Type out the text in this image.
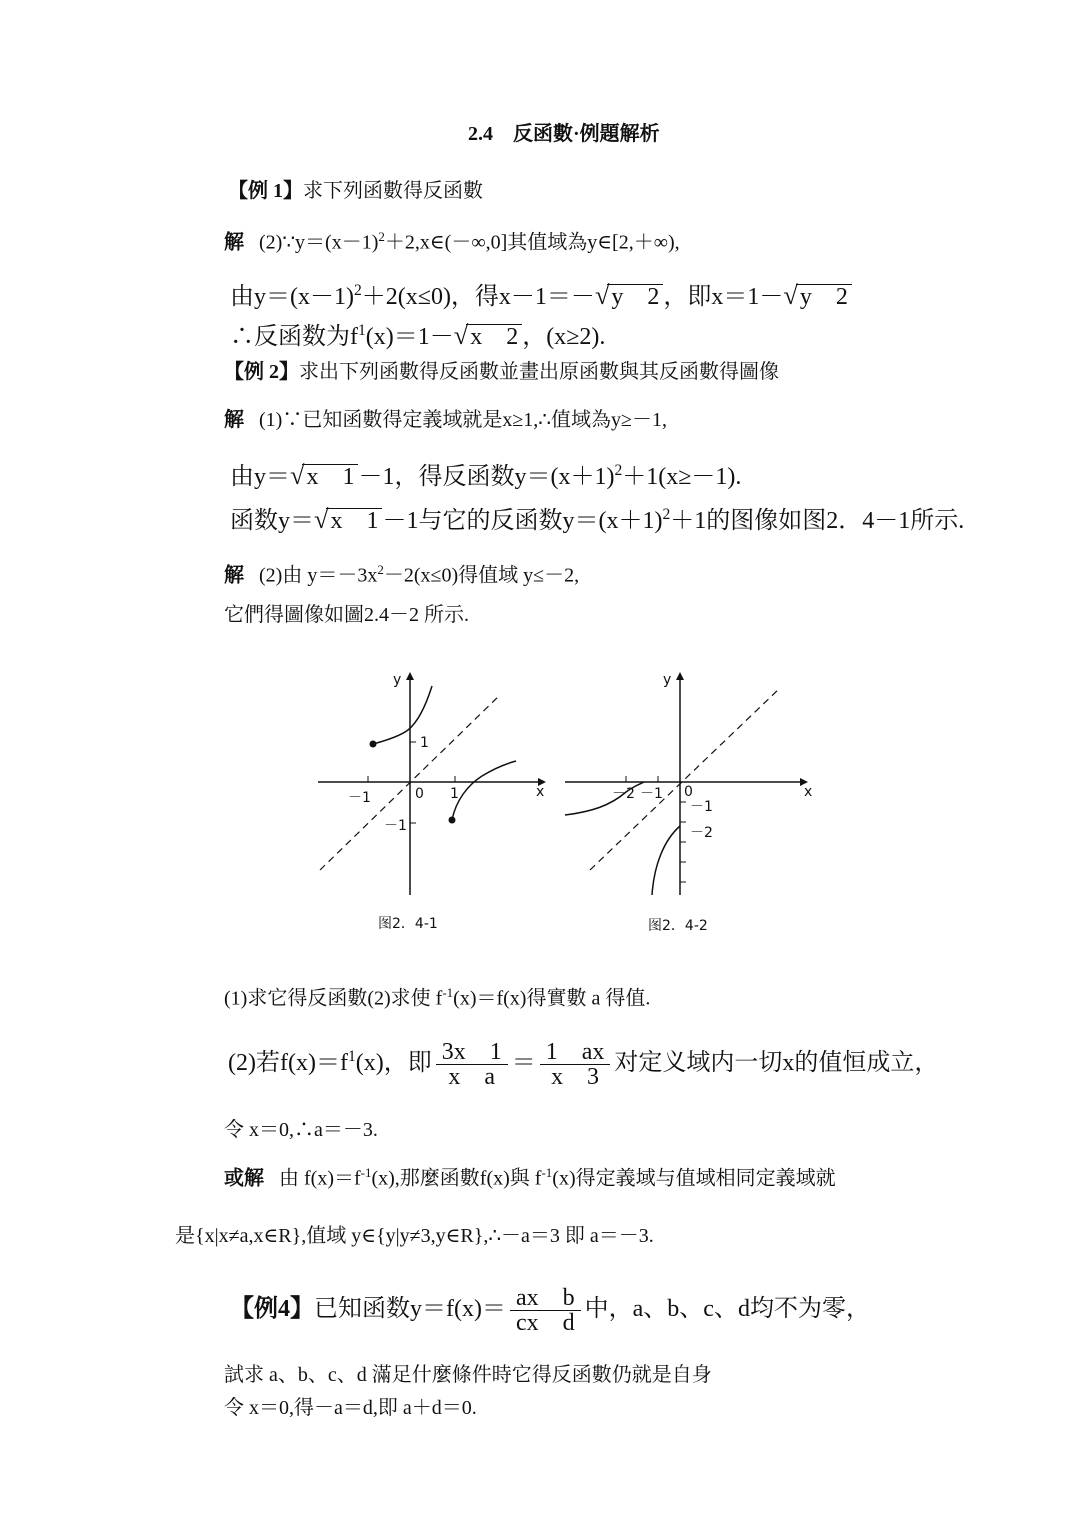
2.4　反函數·例題解析
【例 1】求下列函數得反函數
解 $(2)\because y=(x-1)^2+2,x\in(-\infty,0]$其值域為y∈[2,＋∞),
由$y=(x-1)^2+2(x\le 0)$，得x－1＝－√y　2 ，即x＝1－√y　2
∴反函数为$f^1(x)=1-√x$　2 ，(x≥2).
【例 2】求出下列函數得反函數並畫出原函數與其反函數得圖像
解 (1)∵已知函數得定義域就是x≥1,∴值域為y≥－1,
由y＝√x　1 －1，得反函数$y=(x+1)^2+1(x\ge-1)$.
函数y＝√x　1 －1与它的反函数$y=(x+1)^2+1$的图像如图2．4－1所示.
解 (2)由 $y=-3x^2-2(x\le 0)$得值域 y≤－2,
它們得圖像如圖2.4－2 所示.
x
y
－1	0 1
1
－1
图2．4-1
x
y
－2 －1 0
－1
－2
图2．4-2
(1)求它得反函數(2)求使 $f^{-1}(x)=f(x)$得實數 a 得值.
(2)若$f(x)=f^1(x)$，即 $\frac{3x 1}{\text{x　a}} = \frac{1 ax}{x 3}$ 对定义域内一切x的值恒成立，
令 x＝0,∴a＝－3.
或解 由 $f(x)=f^{-1}(x)$,那麼函數f(x)與 $f^{-1}(x)$得定義域与值域相同定義域就
是{x|x≠a,x∈R},值域 y∈{y|y≠3,y∈R},∴－a＝3 即 a＝－3.
【例4】已知函数$y=f(x)= \frac{\text{ax　b}}{\text{cx　d}}$ 中，a、b、c、d均不为零，
試求 a、b、c、d 滿足什麼條件時它得反函數仍就是自身
令 x＝0,得－a＝d,即 a＋d＝0.
